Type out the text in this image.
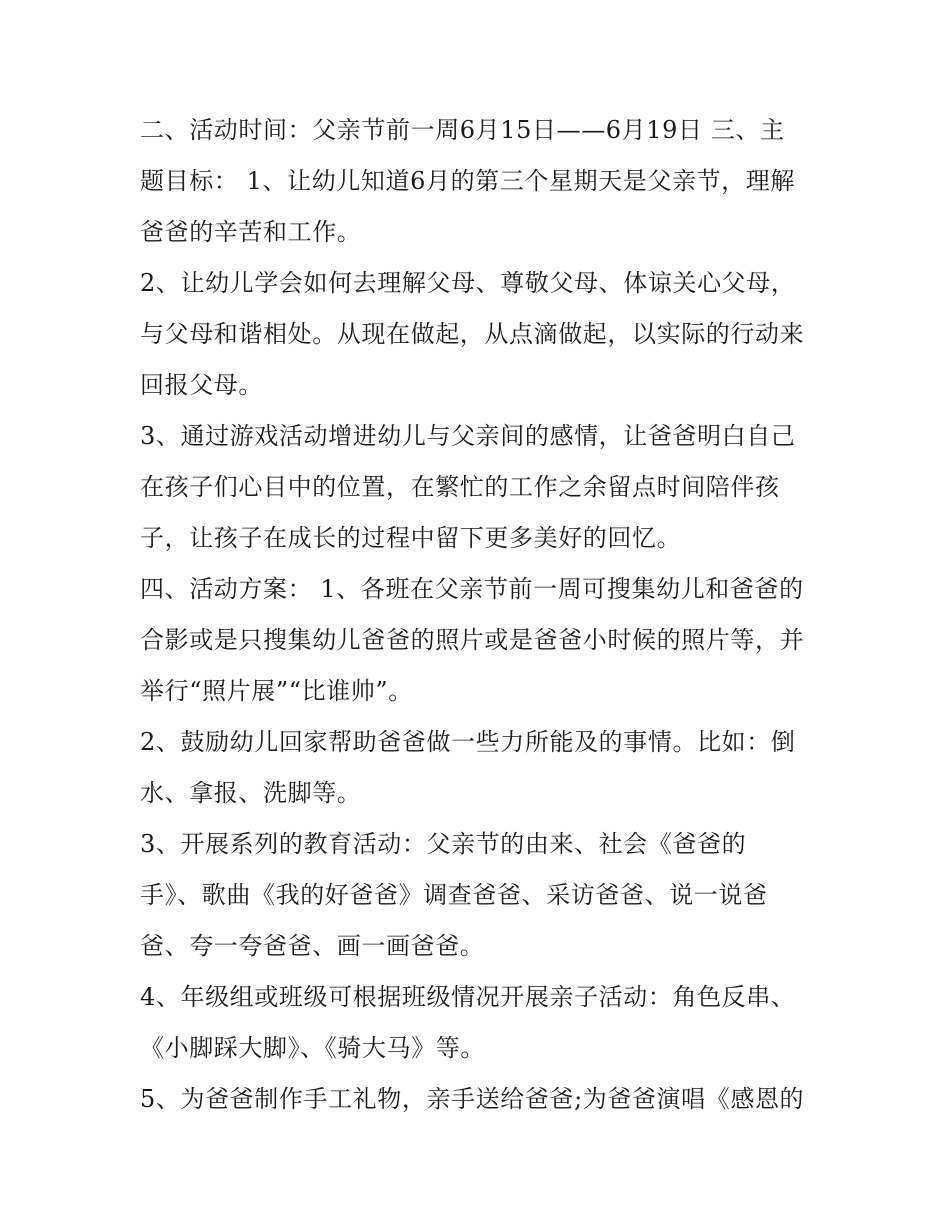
二、活动时间：父亲节前一周6月15日——6月19日 三、主
题目标： 1、让幼儿知道6月的第三个星期天是父亲节，理解
爸爸的辛苦和工作。
2、让幼儿学会如何去理解父母、尊敬父母、体谅关心父母，
与父母和谐相处。从现在做起，从点滴做起，以实际的行动来
回报父母。
3、通过游戏活动增进幼儿与父亲间的感情，让爸爸明白自己
在孩子们心目中的位置，在繁忙的工作之余留点时间陪伴孩
子，让孩子在成长的过程中留下更多美好的回忆。
四、活动方案： 1、各班在父亲节前一周可搜集幼儿和爸爸的
合影或是只搜集幼儿爸爸的照片或是爸爸小时候的照片等，并
举行“照片展”“比谁帅”。
2、鼓励幼儿回家帮助爸爸做一些力所能及的事情。比如：倒
水、拿报、洗脚等。
3、开展系列的教育活动：父亲节的由来、社会《爸爸的
手》、歌曲《我的好爸爸》调查爸爸、采访爸爸、说一说爸
爸、夸一夸爸爸、画一画爸爸。
4、年级组或班级可根据班级情况开展亲子活动：角色反串、
《小脚踩大脚》、《骑大马》等。
5、为爸爸制作手工礼物，亲手送给爸爸;为爸爸演唱《感恩的
